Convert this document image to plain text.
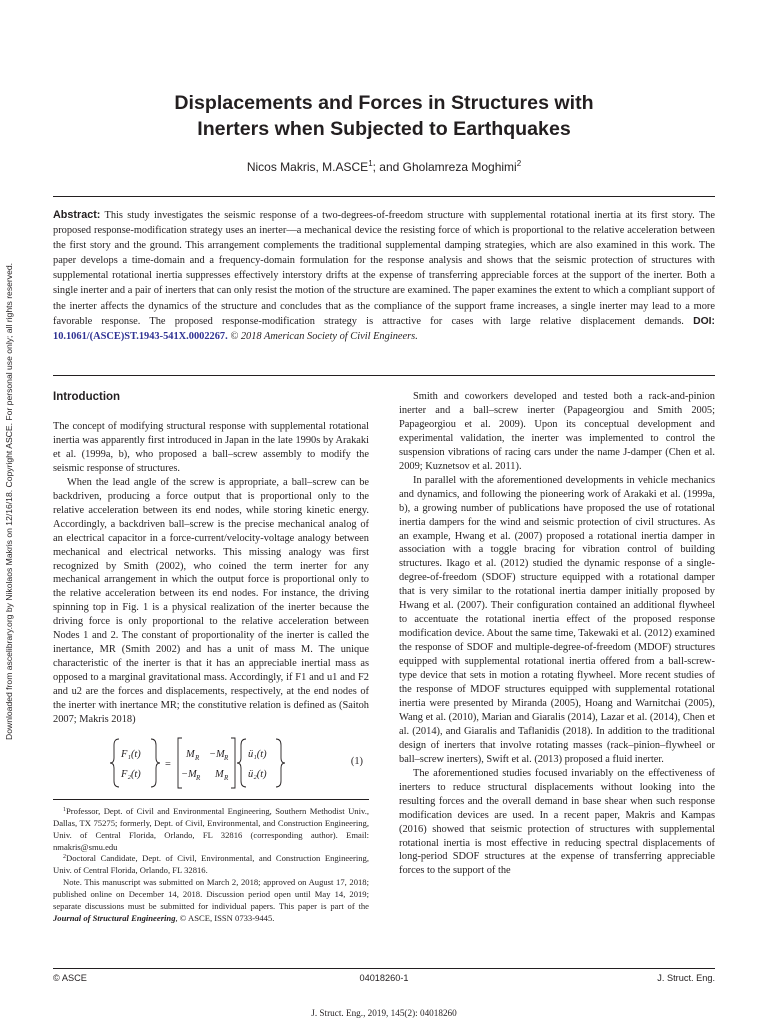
Downloaded from ascelibrary.org by Nikolaos Makris on 12/16/18. Copyright ASCE. For personal use only; all rights reserved.
Displacements and Forces in Structures with
Inerters when Subjected to Earthquakes
Nicos Makris, M.ASCE$^1$; and Gholamreza Moghimi$^2$
Abstract: This study investigates the seismic response of a two-degrees-of-freedom structure with supplemental rotational inertia at its first story. The proposed response-modification strategy uses an inerter—a mechanical device the resisting force of which is proportional to the relative acceleration between the first story and the ground. This arrangement complements the traditional supplemental damping strategies, which are also examined in this work. The paper develops a time-domain and a frequency-domain formulation for the response analysis and shows that the seismic protection of structures with supplemental rotational inertia suppresses effectively interstory drifts at the expense of transferring appreciable forces at the support of the inerter. Both a single inerter and a pair of inerters that can only resist the motion of the structure are examined. The paper examines the extent to which a compliant support of the inerter affects the dynamics of the structure and concludes that as the compliance of the support frame increases, a single inerter may lead to a more favorable response. The proposed response-modification strategy is attractive for cases with large relative displacement demands. DOI: 10.1061/(ASCE)ST.1943-541X.0002267. © 2018 American Society of Civil Engineers.
Introduction

The concept of modifying structural response with supplemental rotational inertia was apparently first introduced in Japan in the late 1990s by Arakaki et al. (1999a, b), who proposed a ball–screw assembly to modify the seismic response of structures.

When the lead angle of the screw is appropriate, a ball–screw can be backdriven, producing a force output that is proportional only to the relative acceleration between its end nodes, while storing kinetic energy. Accordingly, a backdriven ball–screw is the precise mechanical analog of an electrical capacitor in a force-current/velocity-voltage analogy between mechanical and electrical networks. This missing analogy was first recognized by Smith (2002), who coined the term inerter for any mechanical arrangement in which the output force is proportional only to the relative acceleration between its end nodes. For instance, the driving spinning top in Fig. 1 is a physical realization of the inerter because the driving force is only proportional to the relative acceleration between Nodes 1 and 2. The constant of proportionality of the inerter is called the inertance, MR (Smith 2002) and has a unit of mass M. The unique characteristic of the inerter is that it has an appreciable inertial mass as opposed to a marginal gravitational mass. Accordingly, if F1 and u1 and F2 and u2 are the forces and displacements, respectively, at the end nodes of the inerter with inertance MR; the constitutive relation is defined as (Saitoh 2007; Makris 2018)

F₁(t)
F₂(t)
=
M R −M R
−M R M R
ü₁(t)
ü₂(t)
(1)

$^1$Professor, Dept. of Civil and Environmental Engineering, Southern Methodist Univ., Dallas, TX 75275; formerly, Dept. of Civil, Environmental, and Construction Engineering, Univ. of Central Florida, Orlando, FL 32816 (corresponding author). Email: nmakris@smu.edu

$^2$Doctoral Candidate, Dept. of Civil, Environmental, and Construction Engineering, Univ. of Central Florida, Orlando, FL 32816.

Note. This manuscript was submitted on March 2, 2018; approved on August 17, 2018; published online on December 14, 2018. Discussion period open until May 14, 2019; separate discussions must be submitted for individual papers. This paper is part of the Journal of Structural Engineering, © ASCE, ISSN 0733-9445.

Smith and coworkers developed and tested both a rack-and-pinion inerter and a ball–screw inerter (Papageorgiou and Smith 2005; Papageorgiou et al. 2009). Upon its conceptual development and experimental validation, the inerter was implemented to control the suspension vibrations of racing cars under the name J-damper (Chen et al. 2009; Kuznetsov et al. 2011).

In parallel with the aforementioned developments in vehicle mechanics and dynamics, and following the pioneering work of Arakaki et al. (1999a, b), a growing number of publications have proposed the use of rotational inertia dampers for the wind and seismic protection of civil structures. As an example, Hwang et al. (2007) proposed a rotational inertia damper in association with a toggle bracing for vibration control of building structures. Ikago et al. (2012) studied the dynamic response of a single-degree-of-freedom (SDOF) structure equipped with a rotational damper that is very similar to the rotational inertia damper initially proposed by Hwang et al. (2007). Their configuration contained an additional flywheel to accentuate the rotational inertia effect of the proposed response modification device. About the same time, Takewaki et al. (2012) examined the response of SDOF and multiple-degree-of-freedom (MDOF) structures equipped with supplemental rotational inertia offered from a ball-screw-type device that sets in motion a rotating flywheel. More recent studies of the response of MDOF structures equipped with supplemental rotational inertia were presented by Miranda (2005), Hoang and Warnitchai (2005), Wang et al. (2010), Marian and Giaralis (2014), Lazar et al. (2014), Chen et al. (2014), and Giaralis and Taflanidis (2018). In addition to the traditional design of inerters that involve rotating masses (rack–pinion–flywheel or ball–screw inerters), Swift et al. (2013) proposed a fluid inerter.

The aforementioned studies focused invariably on the effectiveness of inerters to reduce structural displacements without looking into the resulting forces and the overall demand in base shear when such response modification devices are used. In a recent paper, Makris and Kampas (2016) showed that seismic protection of structures with supplemental rotational inertia is most effective in reducing spectral displacements of long-period SDOF structures at the expense of transferring appreciable forces to the support of the

© ASCE	04018260-1	J. Struct. Eng.
J. Struct. Eng., 2019, 145(2): 04018260
